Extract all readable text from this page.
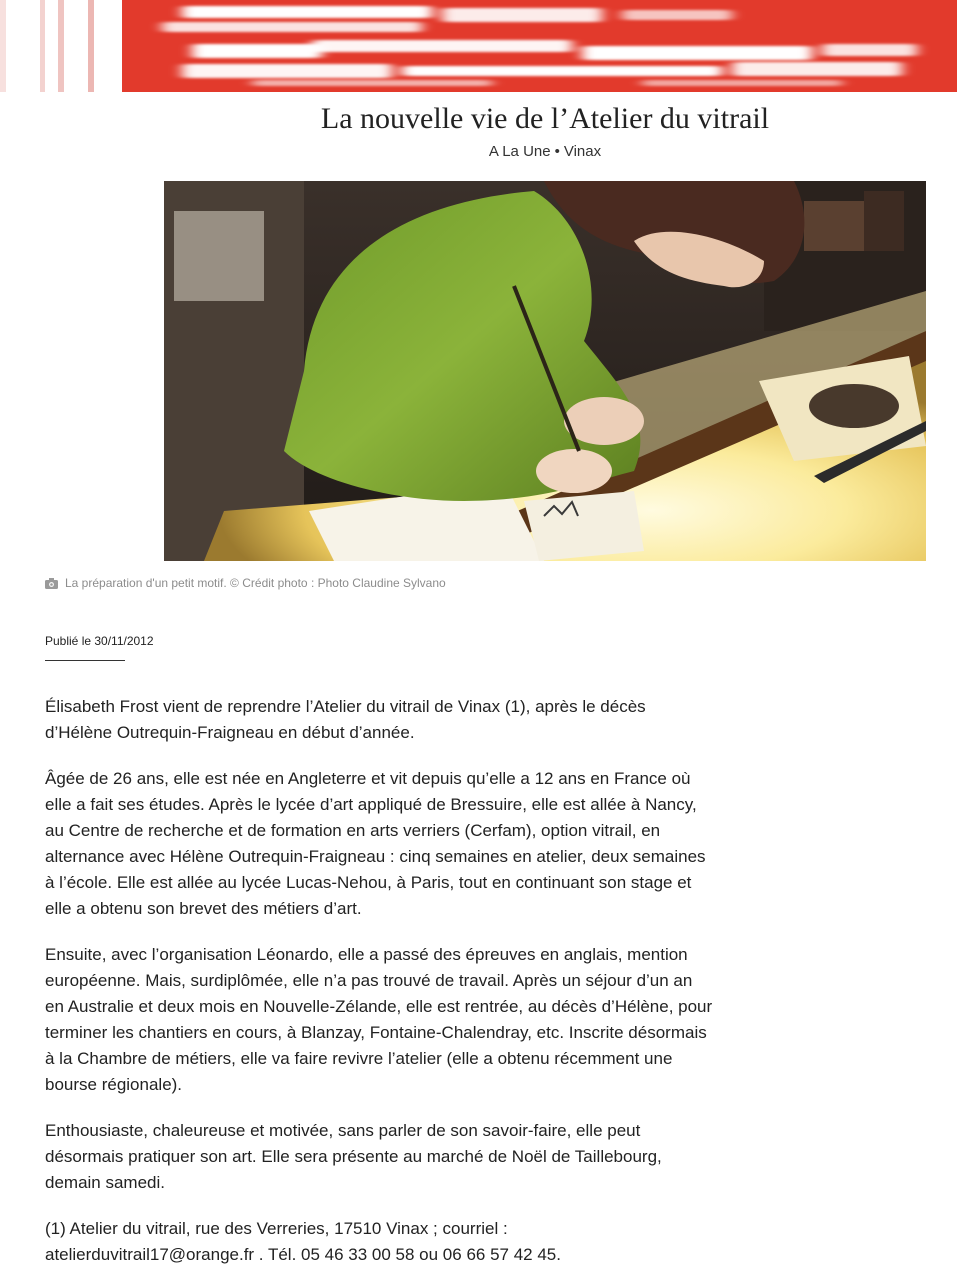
La nouvelle vie de l’Atelier du vitrail
A La Une • Vinax
La préparation d'un petit motif. © Crédit photo : Photo Claudine Sylvano
Publié le 30/11/2012

Élisabeth Frost vient de reprendre l’Atelier du vitrail de Vinax (1), après le décès d’Hélène Outrequin-Fraigneau en début d’année.

Âgée de 26 ans, elle est née en Angleterre et vit depuis qu’elle a 12 ans en France où elle a fait ses études. Après le lycée d’art appliqué de Bressuire, elle est allée à Nancy, au Centre de recherche et de formation en arts verriers (Cerfam), option vitrail, en alternance avec Hélène Outrequin-Fraigneau : cinq semaines en atelier, deux semaines à l’école. Elle est allée au lycée Lucas-Nehou, à Paris, tout en continuant son stage et elle a obtenu son brevet des métiers d’art.

Ensuite, avec l’organisation Léonardo, elle a passé des épreuves en anglais, mention européenne. Mais, surdiplômée, elle n’a pas trouvé de travail. Après un séjour d’un an en Australie et deux mois en Nouvelle-Zélande, elle est rentrée, au décès d’Hélène, pour terminer les chantiers en cours, à Blanzay, Fontaine-Chalendray, etc. Inscrite désormais à la Chambre de métiers, elle va faire revivre l’atelier (elle a obtenu récemment une bourse régionale).

Enthousiaste, chaleureuse et motivée, sans parler de son savoir-faire, elle peut désormais pratiquer son art. Elle sera présente au marché de Noël de Taillebourg, demain samedi.

(1) Atelier du vitrail, rue des Verreries, 17510 Vinax ; courriel : atelierduvitrail17@orange.fr . Tél. 05 46 33 00 58 ou 06 66 57 42 45.
